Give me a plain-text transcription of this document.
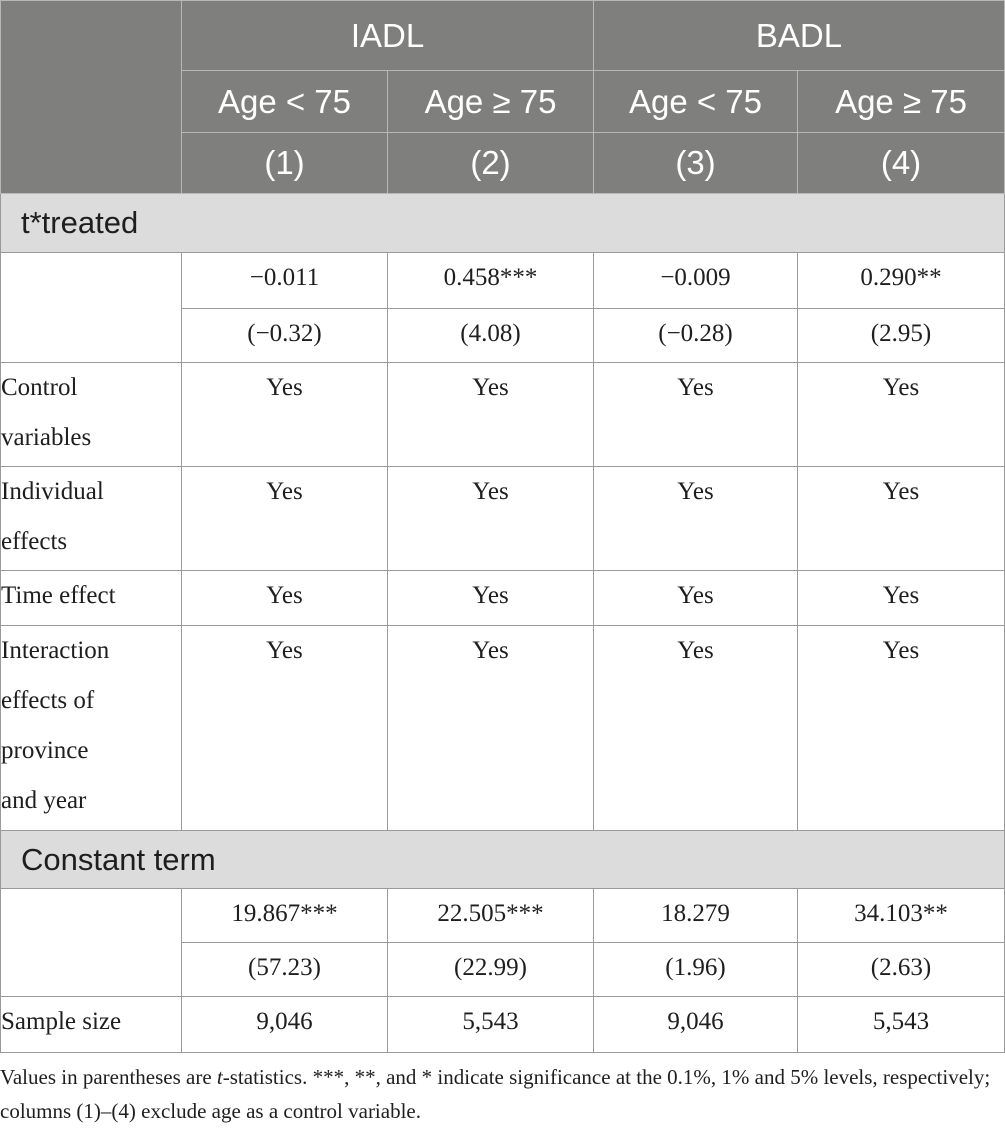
	IADL		BADL	
	Age < 75	Age ≥ 75	Age < 75	Age ≥ 75
	(1)	(2)	(3)	(4)
t*treated				
	−0.011	0.458***	−0.009	0.290**
	(−0.32)	(4.08)	(−0.28)	(2.95)
Control
variables	Yes	Yes	Yes	Yes
Individual
effects	Yes	Yes	Yes	Yes
Time effect	Yes	Yes	Yes	Yes
Interaction
effects of
province
and year	Yes	Yes	Yes	Yes
Constant term				
	19.867***	22.505***	18.279	34.103**
	(57.23)	(22.99)	(1.96)	(2.63)
Sample size	9,046	5,543	9,046	5,543
Values in parentheses are t-statistics. ***, **, and * indicate significance at the 0.1%, 1% and 5% levels, respectively; columns (1)–(4) exclude age as a control variable.
